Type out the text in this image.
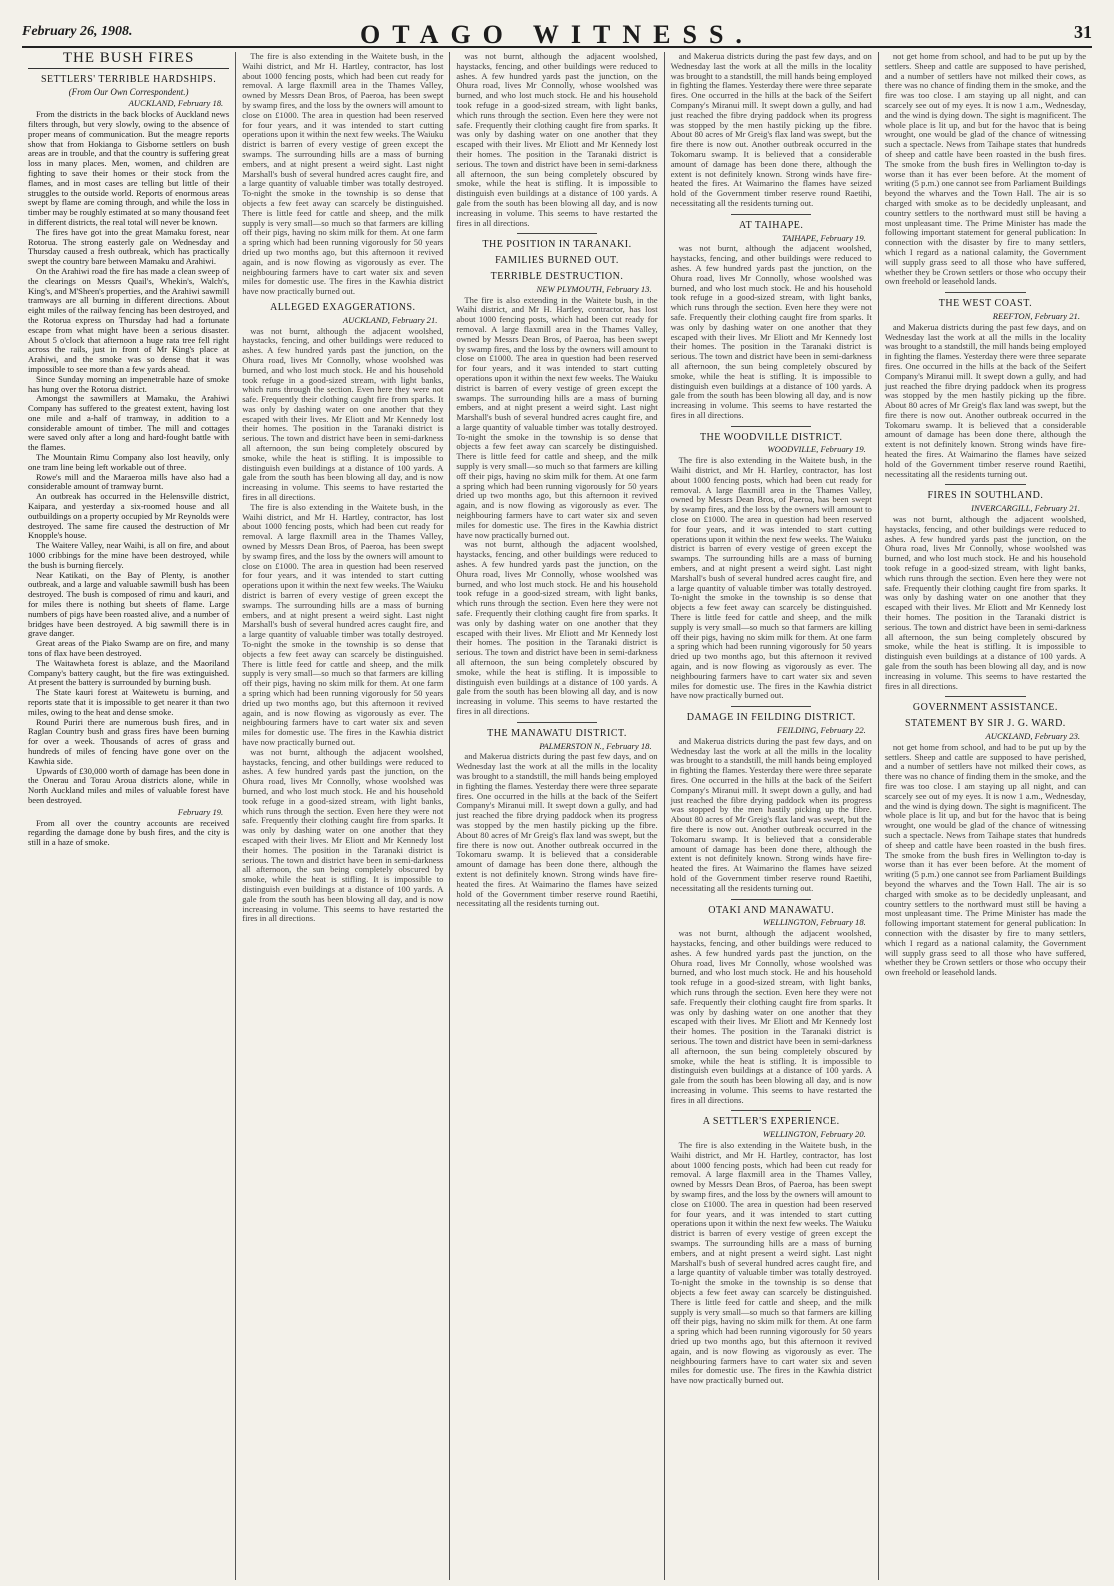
February 26, 1908.	OTAGO WITNESS.	31
THE BUSH FIRES
SETTLERS' TERRIBLE HARDSHIPS.
(From Our Own Correspondent.)
AUCKLAND, February 18.

From the districts in the back blocks of Auckland news filters through, but very slowly, owing to the absence of proper means of communication. But the meagre reports show that from Hokianga to Gisborne settlers on bush areas are in trouble, and that the country is suffering great loss in many places. Men, women, and children are fighting to save their homes or their stock from the flames, and in most cases are telling but little of their struggles to the outside world. Reports of enormous areas swept by flame are coming through, and while the loss in timber may be roughly estimated at so many thousand feet in different districts, the real total will never be known.

The fires have got into the great Mamaku forest, near Rotorua. The strong easterly gale on Wednesday and Thursday caused a fresh outbreak, which has practically swept the country bare between Mamaku and Arahiwi.

On the Arahiwi road the fire has made a clean sweep of the clearings on Messrs Quail's, Whekin's, Walch's, King's, and M'Sheen's properties, and the Arahiwi sawmill tramways are all burning in different directions. About eight miles of the railway fencing has been destroyed, and the Rotorua express on Thursday had had a fortunate escape from what might have been a serious disaster. About 5 o'clock that afternoon a huge rata tree fell right across the rails, just in front of Mr King's place at Arahiwi, and the smoke was so dense that it was impossible to see more than a few yards ahead.

Since Sunday morning an impenetrable haze of smoke has hung over the Rotorua district.

Amongst the sawmillers at Mamaku, the Arahiwi Company has suffered to the greatest extent, having lost one mile and a-half of tramway, in addition to a considerable amount of timber. The mill and cottages were saved only after a long and hard-fought battle with the flames.

The Mountain Rimu Company also lost heavily, only one tram line being left workable out of three.

Rowe's mill and the Maraeroa mills have also had a considerable amount of tramway burnt.

An outbreak has occurred in the Helensville district, Kaipara, and yesterday a six-roomed house and all outbuildings on a property occupied by Mr Reynolds were destroyed. The same fire caused the destruction of Mr Knopple's house.

The Waitere Valley, near Waihi, is all on fire, and about 1000 cribbings for the mine have been destroyed, while the bush is burning fiercely.

Near Katikati, on the Bay of Plenty, is another outbreak, and a large and valuable sawmill bush has been destroyed. The bush is composed of rimu and kauri, and for miles there is nothing but sheets of flame. Large numbers of pigs have been roasted alive, and a number of bridges have been destroyed. A big sawmill there is in grave danger.

Great areas of the Piako Swamp are on fire, and many tons of flax have been destroyed.

The Waitawheta forest is ablaze, and the Maoriland Company's battery caught, but the fire was extinguished. At present the battery is surrounded by burning bush.

The State kauri forest at Waitewetu is burning, and reports state that it is impossible to get nearer it than two miles, owing to the heat and dense smoke.

Round Puriri there are numerous bush fires, and in Raglan Country bush and grass fires have been burning for over a week. Thousands of acres of grass and hundreds of miles of fencing have gone over on the Kawhia side.

Upwards of £30,000 worth of damage has been done in the Onerau and Torau Aroua districts alone, while in North Auckland miles and miles of valuable forest have been destroyed.

February 19.

From all over the country accounts are received regarding the damage done by bush fires, and the city is still in a haze of smoke.

The fire is also extending in the Waitete bush, in the Waihi district, and Mr H. Hartley, contractor, has lost about 1000 fencing posts, which had been cut ready for removal. A large flaxmill area in the Thames Valley, owned by Messrs Dean Bros, of Paeroa, has been swept by swamp fires, and the loss by the owners will amount to close on £1000. The area in question had been reserved for four years, and it was intended to start cutting operations upon it within the next few weeks. The Waiuku district is barren of every vestige of green except the swamps. The surrounding hills are a mass of burning embers, and at night present a weird sight. Last night Marshall's bush of several hundred acres caught fire, and a large quantity of valuable timber was totally destroyed. To-night the smoke in the township is so dense that objects a few feet away can scarcely be distinguished. There is little feed for cattle and sheep, and the milk supply is very small—so much so that farmers are killing off their pigs, having no skim milk for them. At one farm a spring which had been running vigorously for 50 years dried up two months ago, but this afternoon it revived again, and is now flowing as vigorously as ever. The neighbouring farmers have to cart water six and seven miles for domestic use. The fires in the Kawhia district have now practically burned out.

ALLEGED EXAGGERATIONS.
AUCKLAND, February 21.

was not burnt, although the adjacent woolshed, haystacks, fencing, and other buildings were reduced to ashes. A few hundred yards past the junction, on the Ohura road, lives Mr Connolly, whose woolshed was burned, and who lost much stock. He and his household took refuge in a good-sized stream, with light banks, which runs through the section. Even here they were not safe. Frequently their clothing caught fire from sparks. It was only by dashing water on one another that they escaped with their lives. Mr Eliott and Mr Kennedy lost their homes. The position in the Taranaki district is serious. The town and district have been in semi-darkness all afternoon, the sun being completely obscured by smoke, while the heat is stifling. It is impossible to distinguish even buildings at a distance of 100 yards. A gale from the south has been blowing all day, and is now increasing in volume. This seems to have restarted the fires in all directions.

The fire is also extending in the Waitete bush, in the Waihi district, and Mr H. Hartley, contractor, has lost about 1000 fencing posts, which had been cut ready for removal. A large flaxmill area in the Thames Valley, owned by Messrs Dean Bros, of Paeroa, has been swept by swamp fires, and the loss by the owners will amount to close on £1000. The area in question had been reserved for four years, and it was intended to start cutting operations upon it within the next few weeks. The Waiuku district is barren of every vestige of green except the swamps. The surrounding hills are a mass of burning embers, and at night present a weird sight. Last night Marshall's bush of several hundred acres caught fire, and a large quantity of valuable timber was totally destroyed. To-night the smoke in the township is so dense that objects a few feet away can scarcely be distinguished. There is little feed for cattle and sheep, and the milk supply is very small—so much so that farmers are killing off their pigs, having no skim milk for them. At one farm a spring which had been running vigorously for 50 years dried up two months ago, but this afternoon it revived again, and is now flowing as vigorously as ever. The neighbouring farmers have to cart water six and seven miles for domestic use. The fires in the Kawhia district have now practically burned out.

was not burnt, although the adjacent woolshed, haystacks, fencing, and other buildings were reduced to ashes. A few hundred yards past the junction, on the Ohura road, lives Mr Connolly, whose woolshed was burned, and who lost much stock. He and his household took refuge in a good-sized stream, with light banks, which runs through the section. Even here they were not safe. Frequently their clothing caught fire from sparks. It was only by dashing water on one another that they escaped with their lives. Mr Eliott and Mr Kennedy lost their homes. The position in the Taranaki district is serious. The town and district have been in semi-darkness all afternoon, the sun being completely obscured by smoke, while the heat is stifling. It is impossible to distinguish even buildings at a distance of 100 yards. A gale from the south has been blowing all day, and is now increasing in volume. This seems to have restarted the fires in all directions.

was not burnt, although the adjacent woolshed, haystacks, fencing, and other buildings were reduced to ashes. A few hundred yards past the junction, on the Ohura road, lives Mr Connolly, whose woolshed was burned, and who lost much stock. He and his household took refuge in a good-sized stream, with light banks, which runs through the section. Even here they were not safe. Frequently their clothing caught fire from sparks. It was only by dashing water on one another that they escaped with their lives. Mr Eliott and Mr Kennedy lost their homes. The position in the Taranaki district is serious. The town and district have been in semi-darkness all afternoon, the sun being completely obscured by smoke, while the heat is stifling. It is impossible to distinguish even buildings at a distance of 100 yards. A gale from the south has been blowing all day, and is now increasing in volume. This seems to have restarted the fires in all directions.

THE POSITION IN TARANAKI.
FAMILIES BURNED OUT.
TERRIBLE DESTRUCTION.
NEW PLYMOUTH, February 13.

The fire is also extending in the Waitete bush, in the Waihi district, and Mr H. Hartley, contractor, has lost about 1000 fencing posts, which had been cut ready for removal. A large flaxmill area in the Thames Valley, owned by Messrs Dean Bros, of Paeroa, has been swept by swamp fires, and the loss by the owners will amount to close on £1000. The area in question had been reserved for four years, and it was intended to start cutting operations upon it within the next few weeks. The Waiuku district is barren of every vestige of green except the swamps. The surrounding hills are a mass of burning embers, and at night present a weird sight. Last night Marshall's bush of several hundred acres caught fire, and a large quantity of valuable timber was totally destroyed. To-night the smoke in the township is so dense that objects a few feet away can scarcely be distinguished. There is little feed for cattle and sheep, and the milk supply is very small—so much so that farmers are killing off their pigs, having no skim milk for them. At one farm a spring which had been running vigorously for 50 years dried up two months ago, but this afternoon it revived again, and is now flowing as vigorously as ever. The neighbouring farmers have to cart water six and seven miles for domestic use. The fires in the Kawhia district have now practically burned out.

was not burnt, although the adjacent woolshed, haystacks, fencing, and other buildings were reduced to ashes. A few hundred yards past the junction, on the Ohura road, lives Mr Connolly, whose woolshed was burned, and who lost much stock. He and his household took refuge in a good-sized stream, with light banks, which runs through the section. Even here they were not safe. Frequently their clothing caught fire from sparks. It was only by dashing water on one another that they escaped with their lives. Mr Eliott and Mr Kennedy lost their homes. The position in the Taranaki district is serious. The town and district have been in semi-darkness all afternoon, the sun being completely obscured by smoke, while the heat is stifling. It is impossible to distinguish even buildings at a distance of 100 yards. A gale from the south has been blowing all day, and is now increasing in volume. This seems to have restarted the fires in all directions.

THE MANAWATU DISTRICT.
PALMERSTON N., February 18.

and Makerua districts during the past few days, and on Wednesday last the work at all the mills in the locality was brought to a standstill, the mill hands being employed in fighting the flames. Yesterday there were three separate fires. One occurred in the hills at the back of the Seifert Company's Miranui mill. It swept down a gully, and had just reached the fibre drying paddock when its progress was stopped by the men hastily picking up the fibre. About 80 acres of Mr Greig's flax land was swept, but the fire there is now out. Another outbreak occurred in the Tokomaru swamp. It is believed that a considerable amount of damage has been done there, although the extent is not definitely known. Strong winds have fire-heated the fires. At Waimarino the flames have seized hold of the Government timber reserve round Raetihi, necessitating all the residents turning out.

and Makerua districts during the past few days, and on Wednesday last the work at all the mills in the locality was brought to a standstill, the mill hands being employed in fighting the flames. Yesterday there were three separate fires. One occurred in the hills at the back of the Seifert Company's Miranui mill. It swept down a gully, and had just reached the fibre drying paddock when its progress was stopped by the men hastily picking up the fibre. About 80 acres of Mr Greig's flax land was swept, but the fire there is now out. Another outbreak occurred in the Tokomaru swamp. It is believed that a considerable amount of damage has been done there, although the extent is not definitely known. Strong winds have fire-heated the fires. At Waimarino the flames have seized hold of the Government timber reserve round Raetihi, necessitating all the residents turning out.

AT TAIHAPE.
TAIHAPE, February 19.

was not burnt, although the adjacent woolshed, haystacks, fencing, and other buildings were reduced to ashes. A few hundred yards past the junction, on the Ohura road, lives Mr Connolly, whose woolshed was burned, and who lost much stock. He and his household took refuge in a good-sized stream, with light banks, which runs through the section. Even here they were not safe. Frequently their clothing caught fire from sparks. It was only by dashing water on one another that they escaped with their lives. Mr Eliott and Mr Kennedy lost their homes. The position in the Taranaki district is serious. The town and district have been in semi-darkness all afternoon, the sun being completely obscured by smoke, while the heat is stifling. It is impossible to distinguish even buildings at a distance of 100 yards. A gale from the south has been blowing all day, and is now increasing in volume. This seems to have restarted the fires in all directions.

THE WOODVILLE DISTRICT.
WOODVILLE, February 19.

The fire is also extending in the Waitete bush, in the Waihi district, and Mr H. Hartley, contractor, has lost about 1000 fencing posts, which had been cut ready for removal. A large flaxmill area in the Thames Valley, owned by Messrs Dean Bros, of Paeroa, has been swept by swamp fires, and the loss by the owners will amount to close on £1000. The area in question had been reserved for four years, and it was intended to start cutting operations upon it within the next few weeks. The Waiuku district is barren of every vestige of green except the swamps. The surrounding hills are a mass of burning embers, and at night present a weird sight. Last night Marshall's bush of several hundred acres caught fire, and a large quantity of valuable timber was totally destroyed. To-night the smoke in the township is so dense that objects a few feet away can scarcely be distinguished. There is little feed for cattle and sheep, and the milk supply is very small—so much so that farmers are killing off their pigs, having no skim milk for them. At one farm a spring which had been running vigorously for 50 years dried up two months ago, but this afternoon it revived again, and is now flowing as vigorously as ever. The neighbouring farmers have to cart water six and seven miles for domestic use. The fires in the Kawhia district have now practically burned out.

DAMAGE IN FEILDING DISTRICT.
FEILDING, February 22.

and Makerua districts during the past few days, and on Wednesday last the work at all the mills in the locality was brought to a standstill, the mill hands being employed in fighting the flames. Yesterday there were three separate fires. One occurred in the hills at the back of the Seifert Company's Miranui mill. It swept down a gully, and had just reached the fibre drying paddock when its progress was stopped by the men hastily picking up the fibre. About 80 acres of Mr Greig's flax land was swept, but the fire there is now out. Another outbreak occurred in the Tokomaru swamp. It is believed that a considerable amount of damage has been done there, although the extent is not definitely known. Strong winds have fire-heated the fires. At Waimarino the flames have seized hold of the Government timber reserve round Raetihi, necessitating all the residents turning out.

OTAKI AND MANAWATU.
WELLINGTON, February 18.

was not burnt, although the adjacent woolshed, haystacks, fencing, and other buildings were reduced to ashes. A few hundred yards past the junction, on the Ohura road, lives Mr Connolly, whose woolshed was burned, and who lost much stock. He and his household took refuge in a good-sized stream, with light banks, which runs through the section. Even here they were not safe. Frequently their clothing caught fire from sparks. It was only by dashing water on one another that they escaped with their lives. Mr Eliott and Mr Kennedy lost their homes. The position in the Taranaki district is serious. The town and district have been in semi-darkness all afternoon, the sun being completely obscured by smoke, while the heat is stifling. It is impossible to distinguish even buildings at a distance of 100 yards. A gale from the south has been blowing all day, and is now increasing in volume. This seems to have restarted the fires in all directions.

A SETTLER'S EXPERIENCE.
WELLINGTON, February 20.

The fire is also extending in the Waitete bush, in the Waihi district, and Mr H. Hartley, contractor, has lost about 1000 fencing posts, which had been cut ready for removal. A large flaxmill area in the Thames Valley, owned by Messrs Dean Bros, of Paeroa, has been swept by swamp fires, and the loss by the owners will amount to close on £1000. The area in question had been reserved for four years, and it was intended to start cutting operations upon it within the next few weeks. The Waiuku district is barren of every vestige of green except the swamps. The surrounding hills are a mass of burning embers, and at night present a weird sight. Last night Marshall's bush of several hundred acres caught fire, and a large quantity of valuable timber was totally destroyed. To-night the smoke in the township is so dense that objects a few feet away can scarcely be distinguished. There is little feed for cattle and sheep, and the milk supply is very small—so much so that farmers are killing off their pigs, having no skim milk for them. At one farm a spring which had been running vigorously for 50 years dried up two months ago, but this afternoon it revived again, and is now flowing as vigorously as ever. The neighbouring farmers have to cart water six and seven miles for domestic use. The fires in the Kawhia district have now practically burned out.

not get home from school, and had to be put up by the settlers. Sheep and cattle are supposed to have perished, and a number of settlers have not milked their cows, as there was no chance of finding them in the smoke, and the fire was too close. I am staying up all night, and can scarcely see out of my eyes. It is now 1 a.m., Wednesday, and the wind is dying down. The sight is magnificent. The whole place is lit up, and but for the havoc that is being wrought, one would be glad of the chance of witnessing such a spectacle. News from Taihape states that hundreds of sheep and cattle have been roasted in the bush fires. The smoke from the bush fires in Wellington to-day is worse than it has ever been before. At the moment of writing (5 p.m.) one cannot see from Parliament Buildings beyond the wharves and the Town Hall. The air is so charged with smoke as to be decidedly unpleasant, and country settlers to the northward must still be having a most unpleasant time. The Prime Minister has made the following important statement for general publication: In connection with the disaster by fire to many settlers, which I regard as a national calamity, the Government will supply grass seed to all those who have suffered, whether they be Crown settlers or those who occupy their own freehold or leasehold lands.

THE WEST COAST.
REEFTON, February 21.

and Makerua districts during the past few days, and on Wednesday last the work at all the mills in the locality was brought to a standstill, the mill hands being employed in fighting the flames. Yesterday there were three separate fires. One occurred in the hills at the back of the Seifert Company's Miranui mill. It swept down a gully, and had just reached the fibre drying paddock when its progress was stopped by the men hastily picking up the fibre. About 80 acres of Mr Greig's flax land was swept, but the fire there is now out. Another outbreak occurred in the Tokomaru swamp. It is believed that a considerable amount of damage has been done there, although the extent is not definitely known. Strong winds have fire-heated the fires. At Waimarino the flames have seized hold of the Government timber reserve round Raetihi, necessitating all the residents turning out.

FIRES IN SOUTHLAND.
INVERCARGILL, February 21.

was not burnt, although the adjacent woolshed, haystacks, fencing, and other buildings were reduced to ashes. A few hundred yards past the junction, on the Ohura road, lives Mr Connolly, whose woolshed was burned, and who lost much stock. He and his household took refuge in a good-sized stream, with light banks, which runs through the section. Even here they were not safe. Frequently their clothing caught fire from sparks. It was only by dashing water on one another that they escaped with their lives. Mr Eliott and Mr Kennedy lost their homes. The position in the Taranaki district is serious. The town and district have been in semi-darkness all afternoon, the sun being completely obscured by smoke, while the heat is stifling. It is impossible to distinguish even buildings at a distance of 100 yards. A gale from the south has been blowing all day, and is now increasing in volume. This seems to have restarted the fires in all directions.

GOVERNMENT ASSISTANCE.
STATEMENT BY SIR J. G. WARD.
AUCKLAND, February 23.

not get home from school, and had to be put up by the settlers. Sheep and cattle are supposed to have perished, and a number of settlers have not milked their cows, as there was no chance of finding them in the smoke, and the fire was too close. I am staying up all night, and can scarcely see out of my eyes. It is now 1 a.m., Wednesday, and the wind is dying down. The sight is magnificent. The whole place is lit up, and but for the havoc that is being wrought, one would be glad of the chance of witnessing such a spectacle. News from Taihape states that hundreds of sheep and cattle have been roasted in the bush fires. The smoke from the bush fires in Wellington to-day is worse than it has ever been before. At the moment of writing (5 p.m.) one cannot see from Parliament Buildings beyond the wharves and the Town Hall. The air is so charged with smoke as to be decidedly unpleasant, and country settlers to the northward must still be having a most unpleasant time. The Prime Minister has made the following important statement for general publication: In connection with the disaster by fire to many settlers, which I regard as a national calamity, the Government will supply grass seed to all those who have suffered, whether they be Crown settlers or those who occupy their own freehold or leasehold lands.
